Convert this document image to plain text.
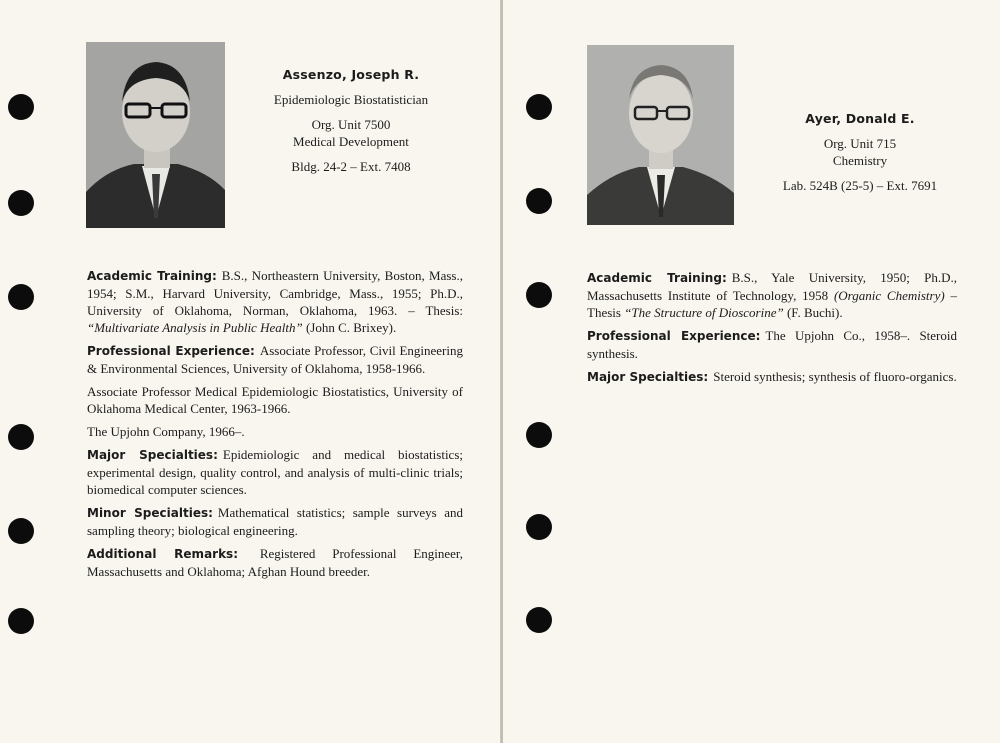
Assenzo, Joseph R.
Epidemiologic Biostatistician
Org. Unit 7500
Medical Development
Bldg. 24-2 – Ext. 7408

Academic Training: B.S., Northeastern University, Boston, Mass., 1954; S.M., Harvard University, Cambridge, Mass., 1955; Ph.D., University of Oklahoma, Norman, Oklahoma, 1963. – Thesis: “Multivariate Analysis in Public Health” (John C. Brixey).

Professional Experience: Associate Professor, Civil Engineering & Environmental Sciences, University of Oklahoma, 1958-1966.

Associate Professor Medical Epidemiologic Biostatistics, University of Oklahoma Medical Center, 1963-1966.

The Upjohn Company, 1966–.

Major Specialties: Epidemiologic and medical biostatistics; experimental design, quality control, and analysis of multi-clinic trials; biomedical computer sciences.

Minor Specialties: Mathematical statistics; sample surveys and sampling theory; biological engineering.

Additional Remarks: Registered Professional Engineer, Massachusetts and Oklahoma; Afghan Hound breeder.

Ayer, Donald E.
Org. Unit 715
Chemistry
Lab. 524B (25-5) – Ext. 7691

Academic Training: B.S., Yale University, 1950; Ph.D., Massachusetts Institute of Technology, 1958 (Organic Chemistry) – Thesis “The Structure of Dioscorine” (F. Buchi).

Professional Experience: The Upjohn Co., 1958–. Steroid synthesis.

Major Specialties: Steroid synthesis; synthesis of fluoro-organics.
